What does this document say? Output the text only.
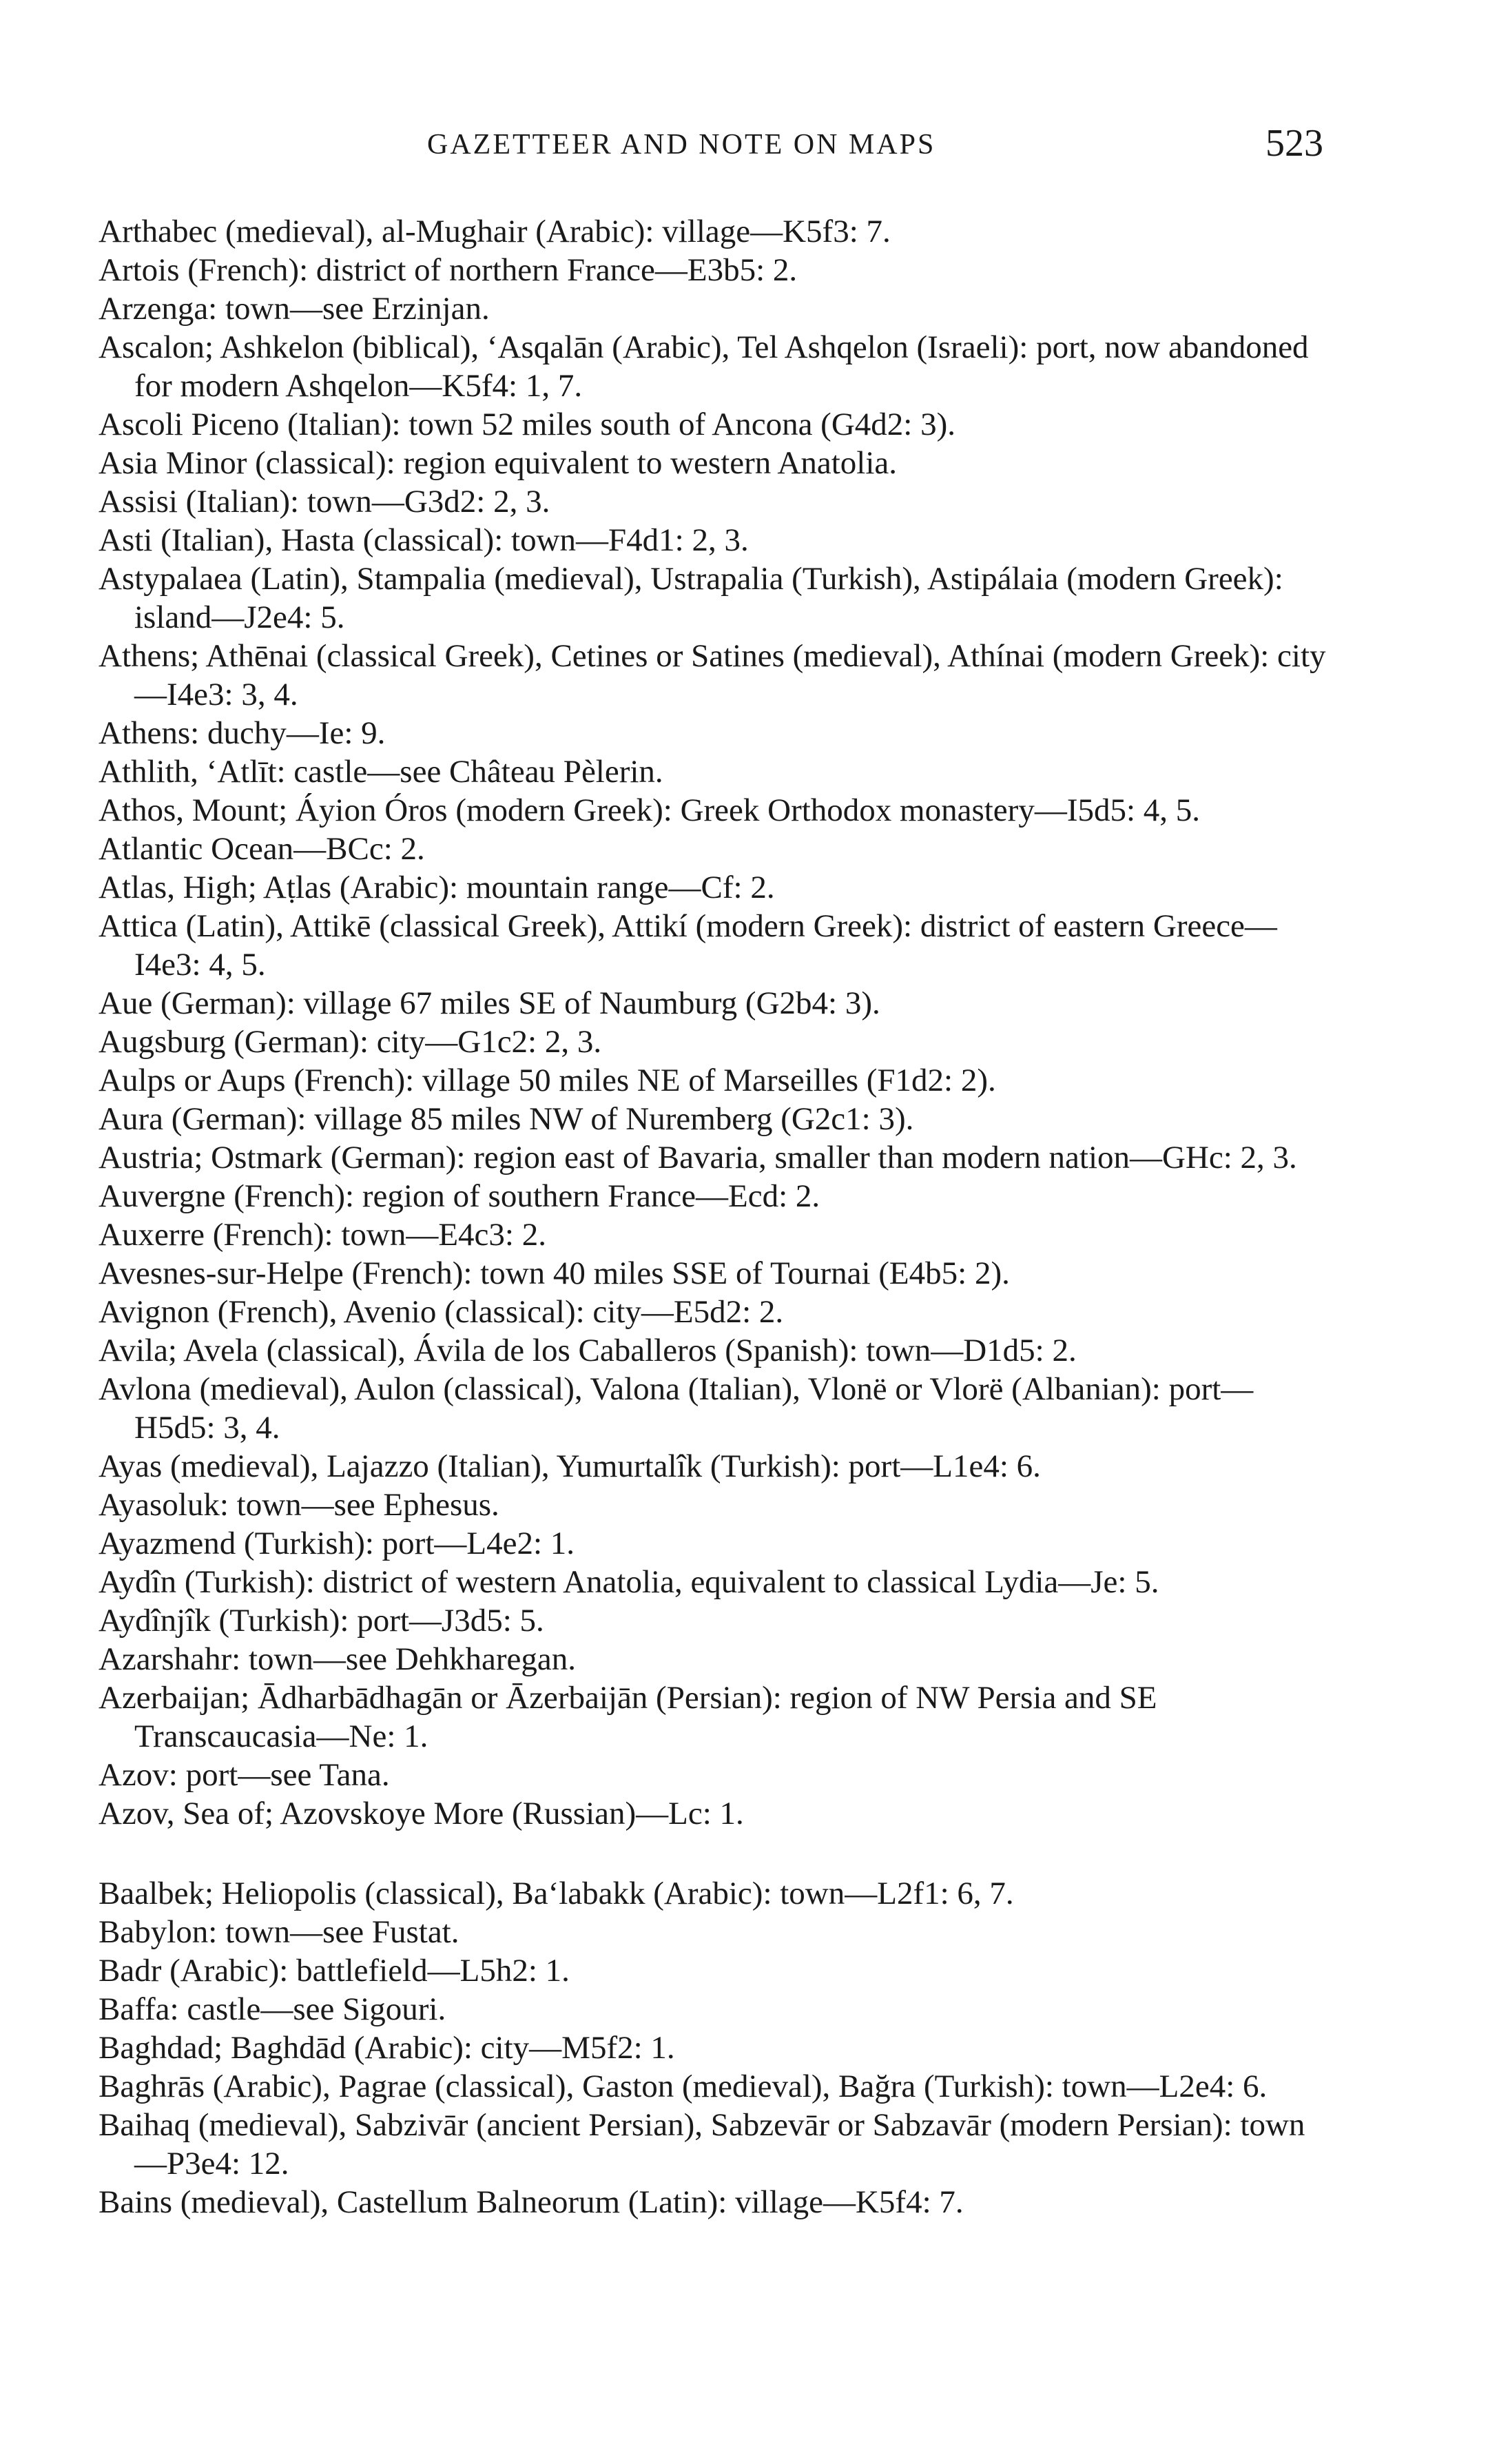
GAZETTEER AND NOTE ON MAPS	523

Arthabec (medieval), al-Mughair (Arabic): village—K5f3: 7.

Artois (French): district of northern France—E3b5: 2.

Arzenga: town—see Erzinjan.

Ascalon; Ashkelon (biblical), ‘Asqalān (Arabic), Tel Ashqelon (Israeli): port, now abandoned for modern Ashqelon—K5f4: 1, 7.

Ascoli Piceno (Italian): town 52 miles south of Ancona (G4d2: 3).

Asia Minor (classical): region equivalent to western Anatolia.

Assisi (Italian): town—G3d2: 2, 3.

Asti (Italian), Hasta (classical): town—F4d1: 2, 3.

Astypalaea (Latin), Stampalia (medieval), Ustrapalia (Turkish), Astipálaia (modern Greek): island—J2e4: 5.

Athens; Athēnai (classical Greek), Cetines or Satines (medieval), Athínai (modern Greek): city—I4e3: 3, 4.

Athens: duchy—Ie: 9.

Athlith, ‘Atlīt: castle—see Château Pèlerin.

Athos, Mount; Áyion Óros (modern Greek): Greek Orthodox monastery—I5d5: 4, 5.

Atlantic Ocean—BCc: 2.

Atlas, High; Aṭlas (Arabic): mountain range—Cf: 2.

Attica (Latin), Attikē (classical Greek), Attikí (modern Greek): district of eastern Greece—I4e3: 4, 5.

Aue (German): village 67 miles SE of Naumburg (G2b4: 3).

Augsburg (German): city—G1c2: 2, 3.

Aulps or Aups (French): village 50 miles NE of Marseilles (F1d2: 2).

Aura (German): village 85 miles NW of Nuremberg (G2c1: 3).

Austria; Ostmark (German): region east of Bavaria, smaller than modern nation—GHc: 2, 3.

Auvergne (French): region of southern France—Ecd: 2.

Auxerre (French): town—E4c3: 2.

Avesnes-sur-Helpe (French): town 40 miles SSE of Tournai (E4b5: 2).

Avignon (French), Avenio (classical): city—E5d2: 2.

Avila; Avela (classical), Ávila de los Caballeros (Spanish): town—D1d5: 2.

Avlona (medieval), Aulon (classical), Valona (Italian), Vlonë or Vlorë (Albanian): port—H5d5: 3, 4.

Ayas (medieval), Lajazzo (Italian), Yumurtalîk (Turkish): port—L1e4: 6.

Ayasoluk: town—see Ephesus.

Ayazmend (Turkish): port—L4e2: 1.

Aydîn (Turkish): district of western Anatolia, equivalent to classical Lydia—Je: 5.

Aydînjîk (Turkish): port—J3d5: 5.

Azarshahr: town—see Dehkharegan.

Azerbaijan; Ādharbādhagān or Āzerbaijān (Persian): region of NW Persia and SE Transcaucasia—Ne: 1.

Azov: port—see Tana.

Azov, Sea of; Azovskoye More (Russian)—Lc: 1.

Baalbek; Heliopolis (classical), Ba‘labakk (Arabic): town—L2f1: 6, 7.

Babylon: town—see Fustat.

Badr (Arabic): battlefield—L5h2: 1.

Baffa: castle—see Sigouri.

Baghdad; Baghdād (Arabic): city—M5f2: 1.

Baghrās (Arabic), Pagrae (classical), Gaston (medieval), Bağra (Turkish): town—L2e4: 6.

Baihaq (medieval), Sabzivār (ancient Persian), Sabzevār or Sabzavār (modern Persian): town—P3e4: 12.

Bains (medieval), Castellum Balneorum (Latin): village—K5f4: 7.
